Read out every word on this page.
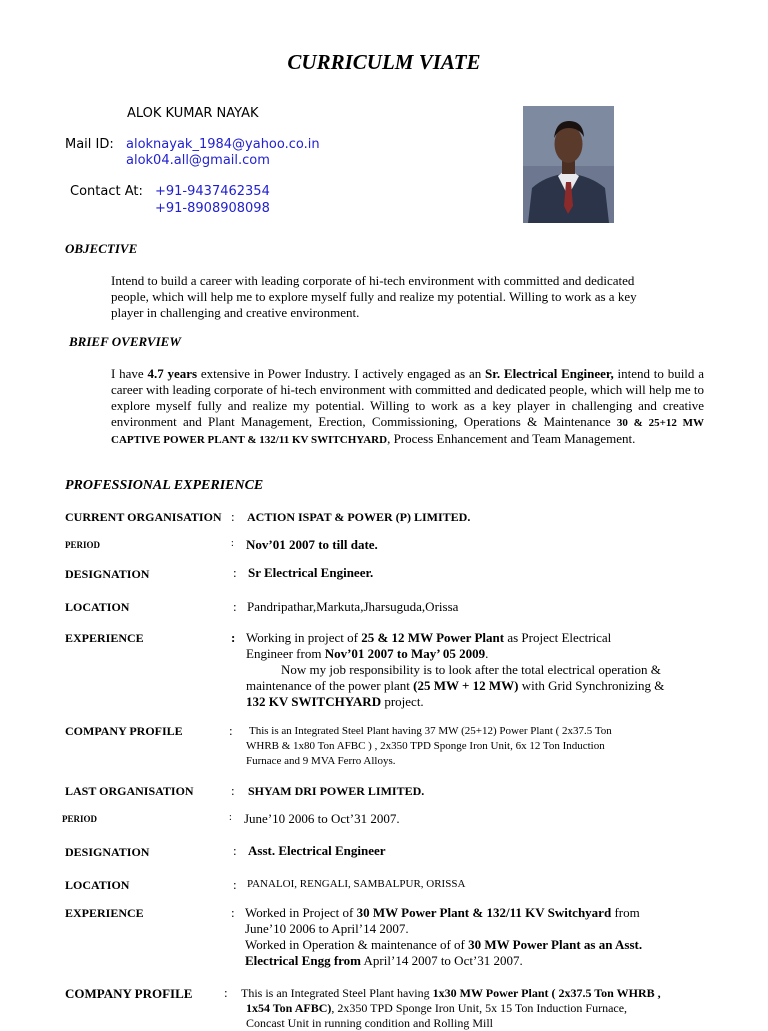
CURRICULM VIATE
ALOK KUMAR NAYAK
Mail ID: aloknayak_1984@yahoo.co.in
alok04.all@gmail.com
Contact At: +91-9437462354
+91-8908908098
OBJECTIVE
Intend to build a career with leading corporate of hi-tech environment with committed and dedicated
people, which will help me to explore myself fully and realize my potential. Willing to work as a key
player in challenging and creative environment.
BRIEF OVERVIEW
I have 4.7 years extensive in Power Industry. I actively engaged as an Sr. Electrical Engineer, intend to build a career with leading corporate of hi-tech environment with committed and dedicated people, which will help me to explore myself fully and realize my potential. Willing to work as a key player in challenging and creative environment and Plant Management, Erection, Commissioning, Operations & Maintenance 30 & 25+12 MW CAPTIVE POWER PLANT & 132/11 KV SWITCHYARD, Process Enhancement and Team Management.
PROFESSIONAL EXPERIENCE
CURRENT ORGANISATION : ACTION ISPAT & POWER (P) LIMITED.
PERIOD	: Nov’01 2007 to till date.
DESIGNATION	: Sr Electrical Engineer.
LOCATION	: Pandripathar,Markuta,Jharsuguda,Orissa
EXPERIENCE	: Working in project of 25 & 12 MW Power Plant as Project Electrical
Engineer from Nov’01 2007 to May’ 05 2009.
Now my job responsibility is to look after the total electrical operation &
maintenance of the power plant (25 MW + 12 MW) with Grid Synchronizing &
132 KV SWITCHYARD project.
COMPANY PROFILE	: This is an Integrated Steel Plant having 37 MW (25+12) Power Plant ( 2x37.5 Ton
WHRB & 1x80 Ton AFBC ) , 2x350 TPD Sponge Iron Unit, 6x 12 Ton Induction
Furnace and 9 MVA Ferro Alloys.
LAST ORGANISATION	: SHYAM DRI POWER LIMITED.
PERIOD	: June’10 2006 to Oct’31 2007.
DESIGNATION	: Asst. Electrical Engineer
LOCATION	: PANALOI, RENGALI, SAMBALPUR, ORISSA
EXPERIENCE	: Worked in Project of 30 MW Power Plant & 132/11 KV Switchyard from
June’10 2006 to April’14 2007.
Worked in Operation & maintenance of of 30 MW Power Plant as an Asst.
Electrical Engg from April’14 2007 to Oct’31 2007.
COMPANY PROFILE : This is an Integrated Steel Plant having 1x30 MW Power Plant ( 2x37.5 Ton WHRB ,
1x54 Ton AFBC), 2x350 TPD Sponge Iron Unit, 5x 15 Ton Induction Furnace,
Concast Unit in running condition and Rolling Mill
